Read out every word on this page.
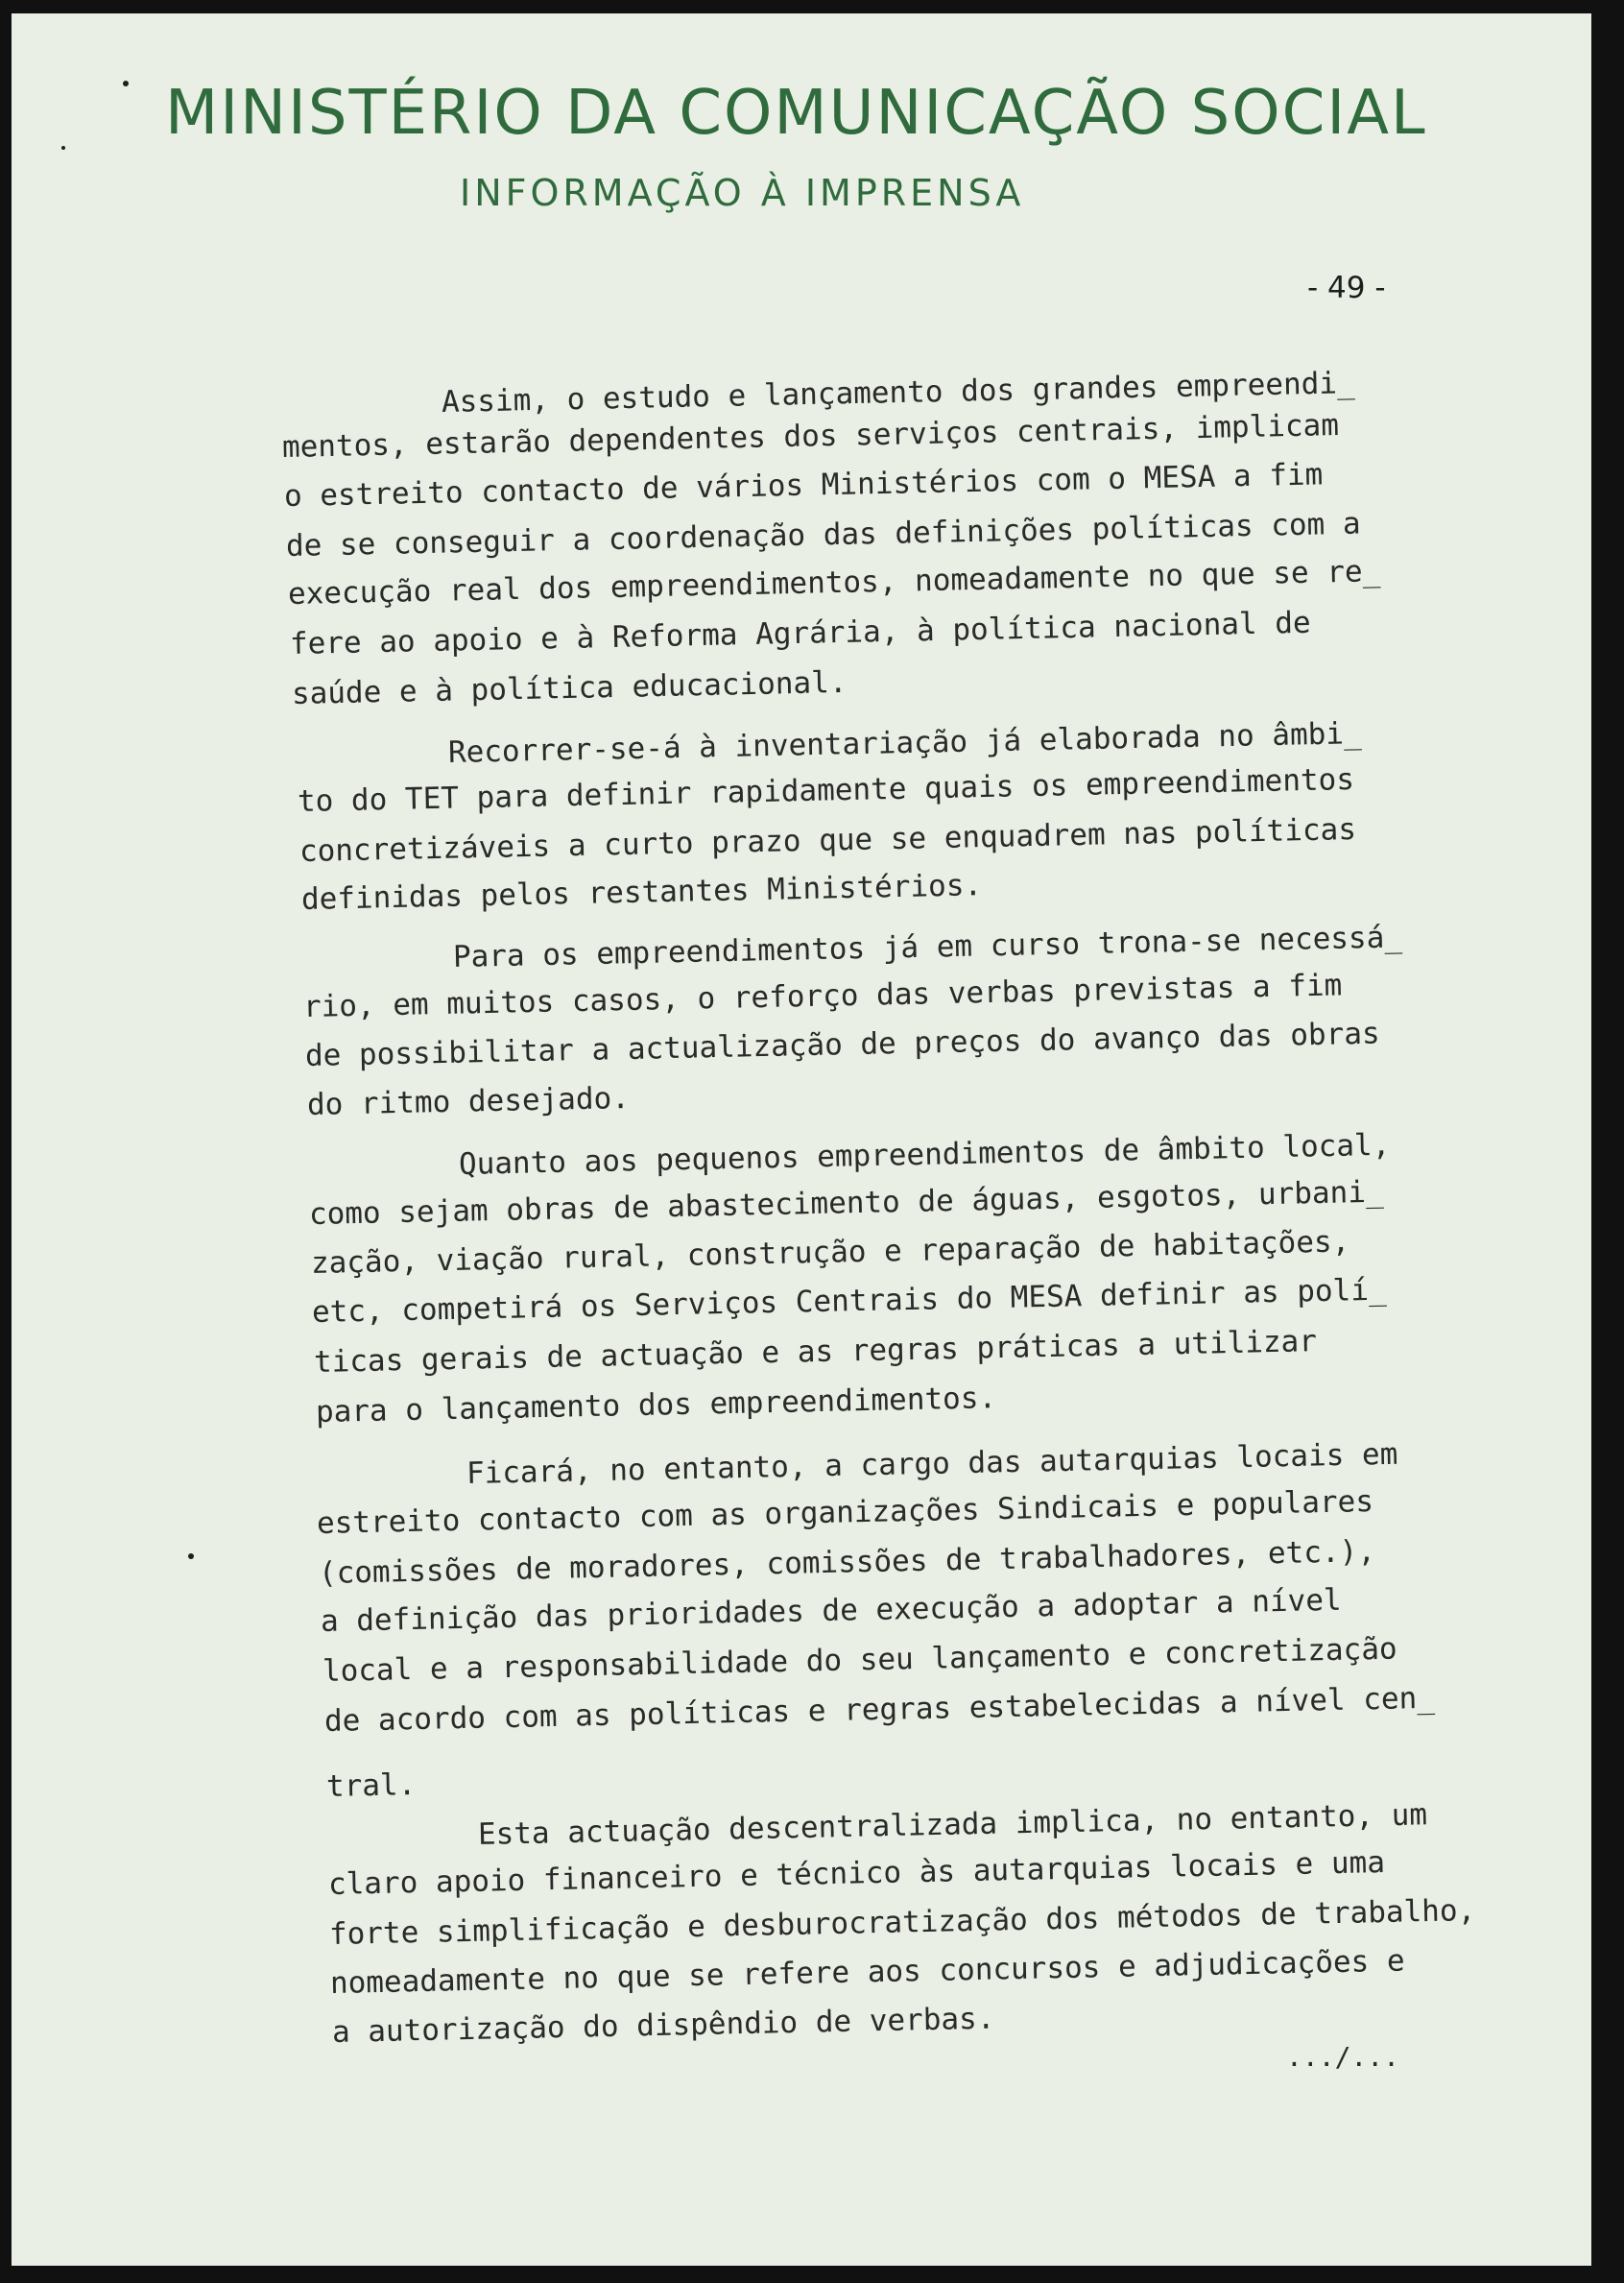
MINISTÉRIO DA COMUNICAÇÃO SOCIAL
INFORMAÇÃO À IMPRENSA
- 49 -
Assim, o estudo e lançamento dos grandes empreendi_
mentos, estarão dependentes dos serviços centrais, implicam
o estreito contacto de vários Ministérios com o MESA a fim
de se conseguir a coordenação das definições políticas com a
execução real dos empreendimentos, nomeadamente no que se re_
fere ao apoio e à Reforma Agrária, à política nacional de
saúde e à política educacional.
Recorrer-se-á à inventariação já elaborada no âmbi_
to do TET para definir rapidamente quais os empreendimentos
concretizáveis a curto prazo que se enquadrem nas políticas
definidas pelos restantes Ministérios.
Para os empreendimentos já em curso trona-se necessá_
rio, em muitos casos, o reforço das verbas previstas a fim
de possibilitar a actualização de preços do avanço das obras
do ritmo desejado.
Quanto aos pequenos empreendimentos de âmbito local,
como sejam obras de abastecimento de águas, esgotos, urbani_
zação, viação rural, construção e reparação de habitações,
etc, competirá os Serviços Centrais do MESA definir as polí_
ticas gerais de actuação e as regras práticas a utilizar
para o lançamento dos empreendimentos.
Ficará, no entanto, a cargo das autarquias locais em
estreito contacto com as organizações Sindicais e populares
(comissões de moradores, comissões de trabalhadores, etc.),
a definição das prioridades de execução a adoptar a nível
local e a responsabilidade do seu lançamento e concretização
de acordo com as políticas e regras estabelecidas a nível cen_
tral.
Esta actuação descentralizada implica, no entanto, um
claro apoio financeiro e técnico às autarquias locais e uma
forte simplificação e desburocratização dos métodos de trabalho,
nomeadamente no que se refere aos concursos e adjudicações e
a autorização do dispêndio de verbas.
.../...
